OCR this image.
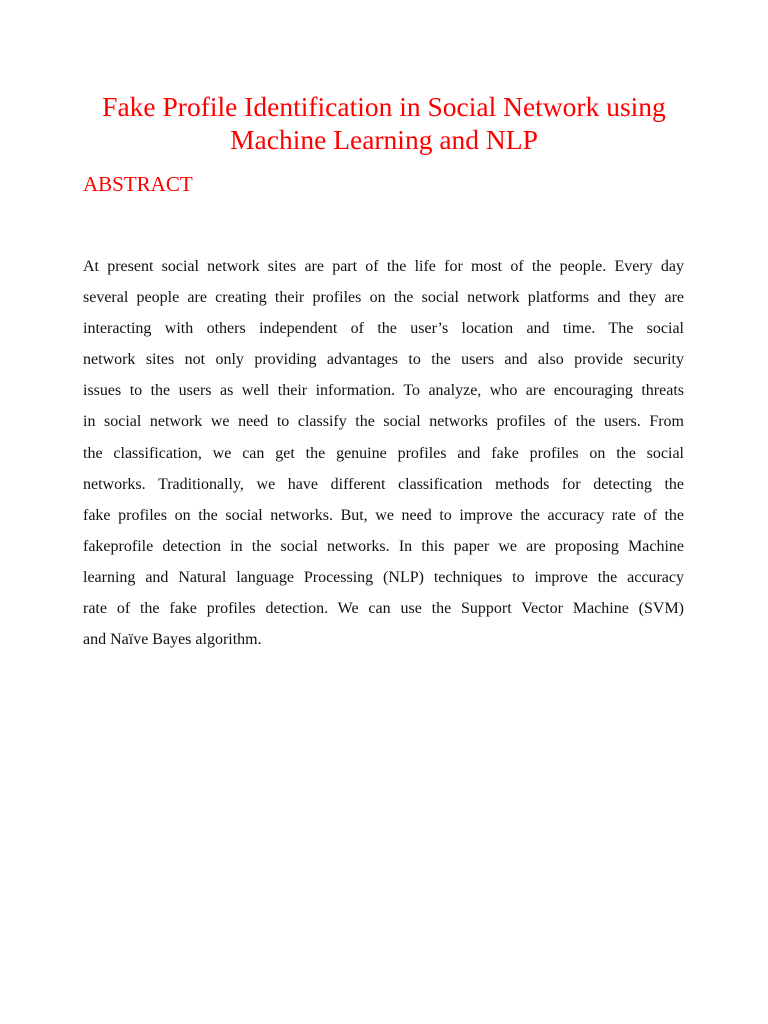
Fake Profile Identification in Social Network using
Machine Learning and NLP
ABSTRACT
At present social network sites are part of the life for most of the people. Every day
several people are creating their profiles on the social network platforms and they are
interacting with others independent of the user’s location and time. The social
network sites not only providing advantages to the users and also provide security
issues to the users as well their information. To analyze, who are encouraging threats
in social network we need to classify the social networks profiles of the users. From
the classification, we can get the genuine profiles and fake profiles on the social
networks. Traditionally, we have different classification methods for detecting the
fake profiles on the social networks. But, we need to improve the accuracy rate of the
fakeprofile detection in the social networks. In this paper we are proposing Machine
learning and Natural language Processing (NLP) techniques to improve the accuracy
rate of the fake profiles detection. We can use the Support Vector Machine (SVM)
and Naïve Bayes algorithm.
